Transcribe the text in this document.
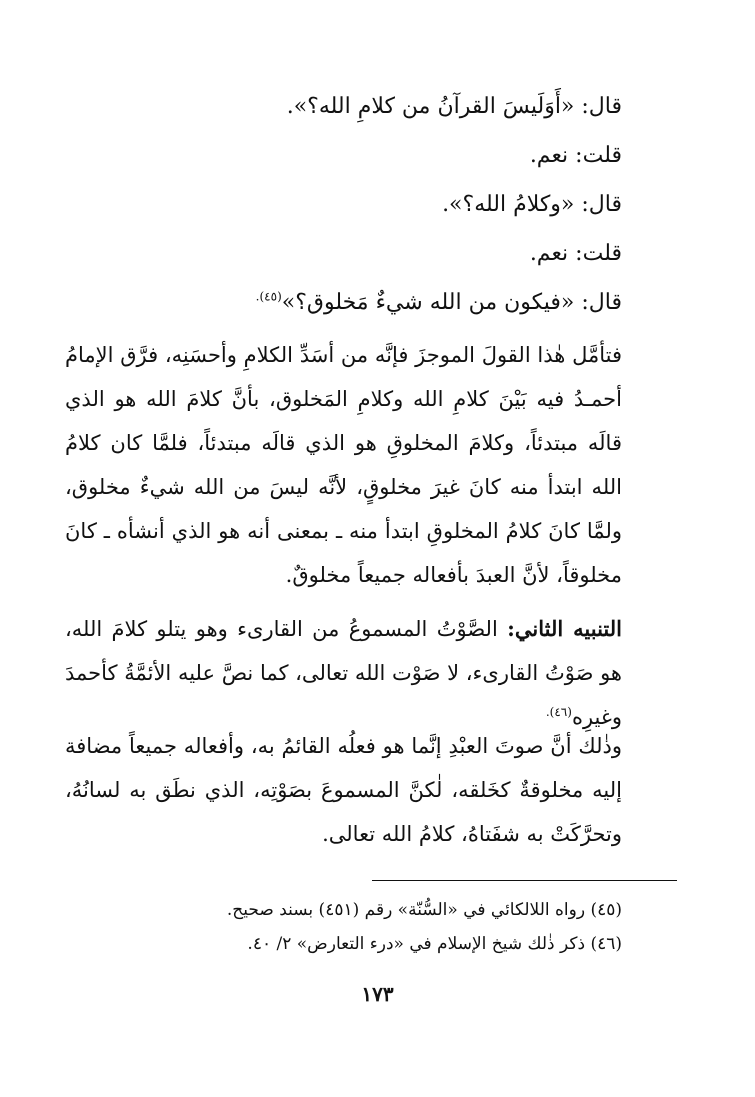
قال: «أَوَلَيسَ القرآنُ من كلامِ الله؟».
قلت: نعم.
قال: «وكلامُ الله؟».
قلت: نعم.
قال: «فيكون من الله شيءٌ مَخلوق؟»$^{(٤٥).}$
فتأمَّل هٰذا القولَ الموجزَ فإنَّه من أسَدِّ الكلامِ وأحسَنِه، فرَّق الإمامُ أحمـدُ فيه بَيْنَ كلامِ الله وكلامِ المَخلوق، بأنَّ كلامَ الله هو الذي قالَه مبتدئاً، وكلامَ المخلوقِ هو الذي قالَه مبتدئاً، فلمَّا كان كلامُ الله ابتدأ منه كانَ غيرَ مخلوقٍ، لأنَّه ليسَ من الله شيءٌ مخلوق، ولمَّا كانَ كلامُ المخلوقِ ابتدأ منه ـ بمعنى أنه هو الذي أنشأه ـ كانَ مخلوقاً، لأنَّ العبدَ بأفعاله جميعاً مخلوقٌ.
التنبيه الثاني: الصَّوْتُ المسموعُ من القارىء وهو يتلو كلامَ الله، هو صَوْتُ القارىء، لا صَوْت الله تعالى، كما نصَّ عليه الأئمَّةُ كأحمدَ وغيرِه$^{(٤٦).}$
وذٰلك أنَّ صوتَ العبْدِ إنَّما هو فعلُه القائمُ به، وأفعاله جميعاً مضافة إليه مخلوقةٌ كخَلقه، لٰكنَّ المسموعَ بصَوْتِه، الذي نطَق به لسانُهُ، وتحرَّكَتْ به شفَتاهُ، كلامُ الله تعالى.
(٤٥) رواه اللالكائي في «السُّنّة» رقم (٤٥١) بسند صحيح.
(٤٦) ذكر ذٰلك شيخ الإسلام في «درء التعارض» ٢/ ٤٠.
١٧٣
